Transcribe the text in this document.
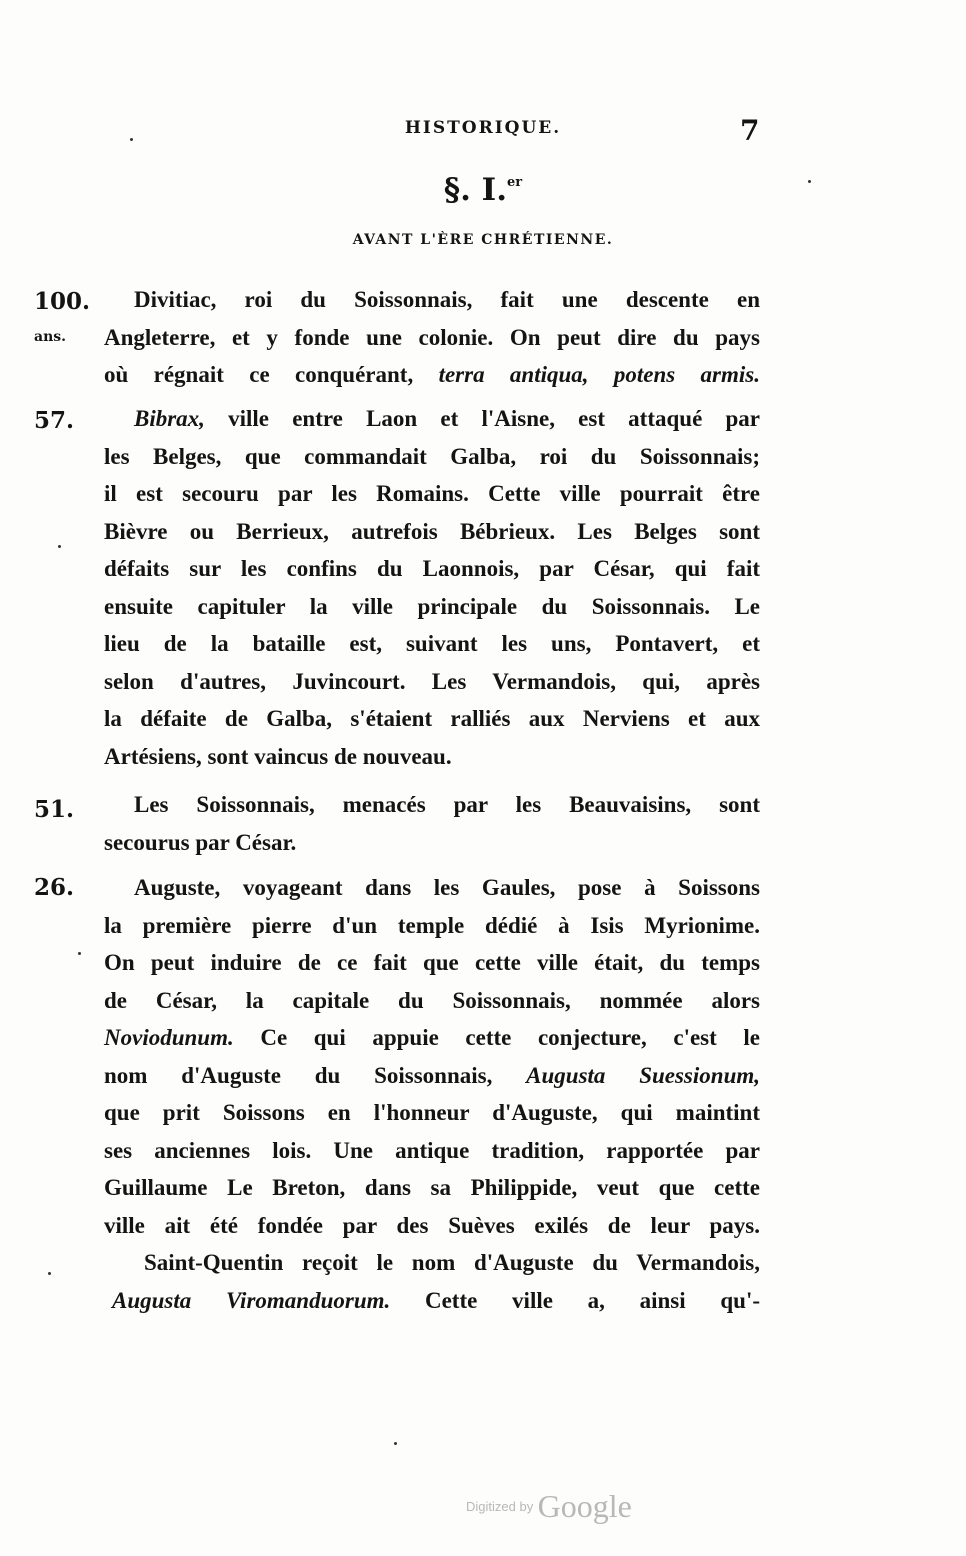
HISTORIQUE.	7
§. I.$^{er}$
AVANT L'ÈRE CHRÉTIENNE.
100.
ans.
Divitiac, roi du Soissonnais, fait une descente en
Angleterre, et y fonde une colonie. On peut dire du pays
où régnait ce conquérant, terra antiqua, potens armis.
57.	Bibrax, ville entre Laon et l'Aisne, est attaqué par
les Belges, que commandait Galba, roi du Soissonnais;
il est secouru par les Romains. Cette ville pourrait être
Bièvre ou Berrieux, autrefois Bébrieux. Les Belges sont
défaits sur les confins du Laonnois, par César, qui fait
ensuite capituler la ville principale du Soissonnais. Le
lieu de la bataille est, suivant les uns, Pontavert, et
selon d'autres, Juvincourt. Les Vermandois, qui, après
la défaite de Galba, s'étaient ralliés aux Nerviens et aux
Artésiens, sont vaincus de nouveau.
51.	Les Soissonnais, menacés par les Beauvaisins, sont
secourus par César.
26.	Auguste, voyageant dans les Gaules, pose à Soissons
la première pierre d'un temple dédié à Isis Myrionime.
On peut induire de ce fait que cette ville était, du temps
de César, la capitale du Soissonnais, nommée alors
Noviodunum. Ce qui appuie cette conjecture, c'est le
nom d'Auguste du Soissonnais, Augusta Suessionum,
que prit Soissons en l'honneur d'Auguste, qui maintint
ses anciennes lois. Une antique tradition, rapportée par
Guillaume Le Breton, dans sa Philippide, veut que cette
ville ait été fondée par des Suèves exilés de leur pays.
Saint-Quentin reçoit le nom d'Auguste du Vermandois,
Augusta Viromanduorum. Cette ville a, ainsi qu'-
$^{Digitized by}$ Google
